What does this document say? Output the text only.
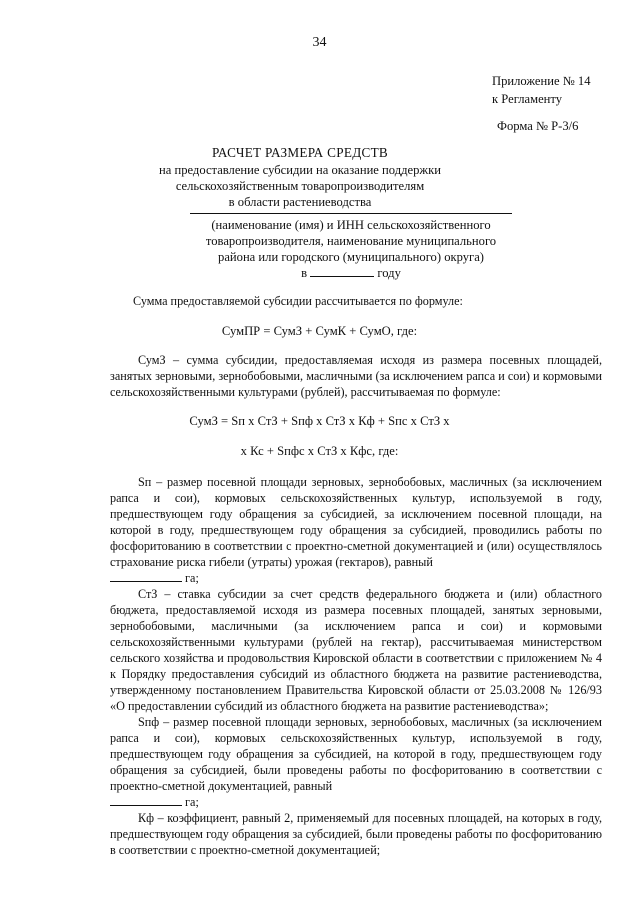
34
Приложение № 14
к Регламенту
Форма № Р-3/6
РАСЧЕТ РАЗМЕРА СРЕДСТВ
на предоставление субсидии на оказание поддержки
сельскохозяйственным товаропроизводителям
в области растениеводства
(наименование (имя) и ИНН сельскохозяйственного
товаропроизводителя, наименование муниципального
района или городского (муниципального) округа)
в	году
Сумма предоставляемой субсидии рассчитывается по формуле:
СумПР = СумЗ + СумК + СумО, где:

СумЗ – сумма субсидии, предоставляемая исходя из размера посевных площадей, занятых зерновыми, зернобобовыми, масличными (за исключением рапса и сои) и кормовыми сельскохозяйственными культурами (рублей), рассчитываемая по формуле:

СумЗ = Sп х СтЗ + Sпф х СтЗ х Кф + Sпс х СтЗ х
х Кс + Sпфс х СтЗ х Кфс, где:

Sп – размер посевной площади зерновых, зернобобовых, масличных (за исключением рапса и сои), кормовых сельскохозяйственных культур, используемой в году, предшествующем году обращения за субсидией, за исключением посевной площади, на которой в году, предшествующем году обращения за субсидией, проводились работы по фосфоритованию в соответствии с проектно-сметной документацией и (или) осуществлялось страхование риска гибели (утраты) урожая (гектаров), равный
га;

СтЗ – ставка субсидии за счет средств федерального бюджета и (или) областного бюджета, предоставляемой исходя из размера посевных площадей, занятых зерновыми, зернобобовыми, масличными (за исключением рапса и сои) и кормовыми сельскохозяйственными культурами (рублей на гектар), рассчитываемая министерством сельского хозяйства и продовольствия Кировской области в соответствии с приложением № 4 к Порядку предоставления субсидий из областного бюджета на развитие растениеводства, утвержденному постановлением Правительства Кировской области от 25.03.2008 № 126/93 «О предоставлении субсидий из областного бюджета на развитие растениеводства»;

Sпф – размер посевной площади зерновых, зернобобовых, масличных (за исключением рапса и сои), кормовых сельскохозяйственных культур, используемой в году, предшествующем году обращения за субсидией, на которой в году, предшествующем году обращения за субсидией, были проведены работы по фосфоритованию в соответствии с проектно-сметной документацией, равный
га;

Кф – коэффициент, равный 2, применяемый для посевных площадей, на которых в году, предшествующем году обращения за субсидией, были проведены работы по фосфоритованию в соответствии с проектно-сметной документацией;
